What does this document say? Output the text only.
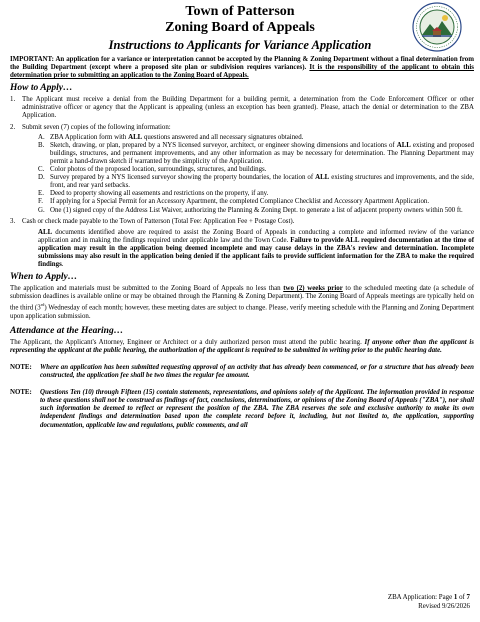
Town of Patterson
Zoning Board of Appeals
Instructions to Applicants for Variance Application

IMPORTANT: An application for a variance or interpretation cannot be accepted by the Planning & Zoning Department without a final determination from the Building Department (except where a proposed site plan or subdivision requires variances). It is the responsibility of the applicant to obtain this determination prior to submitting an application to the Zoning Board of Appeals.

How to Apply…
1. The Applicant must receive a denial from the Building Department for a building permit, a determination from the Code Enforcement Officer or other administrative officer or agency that the Applicant is appealing (unless an exception has been granted). Please, attach the denial or determination to the ZBA Application.
2. Submit seven (7) copies of the following information:
A. ZBA Application form with ALL questions answered and all necessary signatures obtained.
B. Sketch, drawing, or plan, prepared by a NYS licensed surveyor, architect, or engineer showing dimensions and locations of ALL existing and proposed buildings, structures, and permanent improvements, and any other information as may be necessary for determination. The Planning Department may permit a hand-drawn sketch if warranted by the simplicity of the Application.
C. Color photos of the proposed location, surroundings, structures, and buildings.
D. Survey prepared by a NYS licensed surveyor showing the property boundaries, the location of ALL existing structures and improvements, and the side, front, and rear yard setbacks.
E. Deed to property showing all easements and restrictions on the property, if any.
F.	If applying for a Special Permit for an Accessory Apartment, the completed Compliance Checklist and Accessory Apartment Application.
G. One (1) signed copy of the Address List Waiver, authorizing the Planning & Zoning Dept. to generate a list of adjacent property owners within 500 ft.
3. Cash or check made payable to the Town of Patterson (Total Fee: Application Fee + Postage Cost).

ALL documents identified above are required to assist the Zoning Board of Appeals in conducting a complete and informed review of the variance application and in making the findings required under applicable law and the Town Code. Failure to provide ALL required documentation at the time of application may result in the application being deemed incomplete and may cause delays in the ZBA's review and determination. Incomplete submissions may also result in the application being denied if the applicant fails to provide sufficient information for the ZBA to make the required findings.

When to Apply…

The application and materials must be submitted to the Zoning Board of Appeals no less than two (2) weeks prior to the scheduled meeting date (a schedule of submission deadlines is available online or may be obtained through the Planning & Zoning Department). The Zoning Board of Appeals meetings are typically held on the third (3rd) Wednesday of each month; however, these meeting dates are subject to change. Please, verify meeting schedule with the Planning and Zoning Department upon application submission.

Attendance at the Hearing…

The Applicant, the Applicant's Attorney, Engineer or Architect or a duly authorized person must attend the public hearing. If anyone other than the applicant is representing the applicant at the public hearing, the authorization of the applicant is required to be submitted in writing prior to the public hearing date.

NOTE:	Where an application has been submitted requesting approval of an activity that has already been commenced, or for a structure that has already been constructed, the application fee shall be two times the regular fee amount.
NOTE:	Questions Ten (10) through Fifteen (15) contain statements, representations, and opinions solely of the Applicant. The information provided in response to these questions shall not be construed as findings of fact, conclusions, determinations, or opinions of the Zoning Board of Appeals ("ZBA"), nor shall such information be deemed to reflect or represent the position of the ZBA. The ZBA reserves the sole and exclusive authority to make its own independent findings and determination based upon the complete record before it, including, but not limited to, the application, supporting documentation, applicable law and regulations, public comments, and all
ZBA Application: Page 1 of 7
Revised 9/26/2026
